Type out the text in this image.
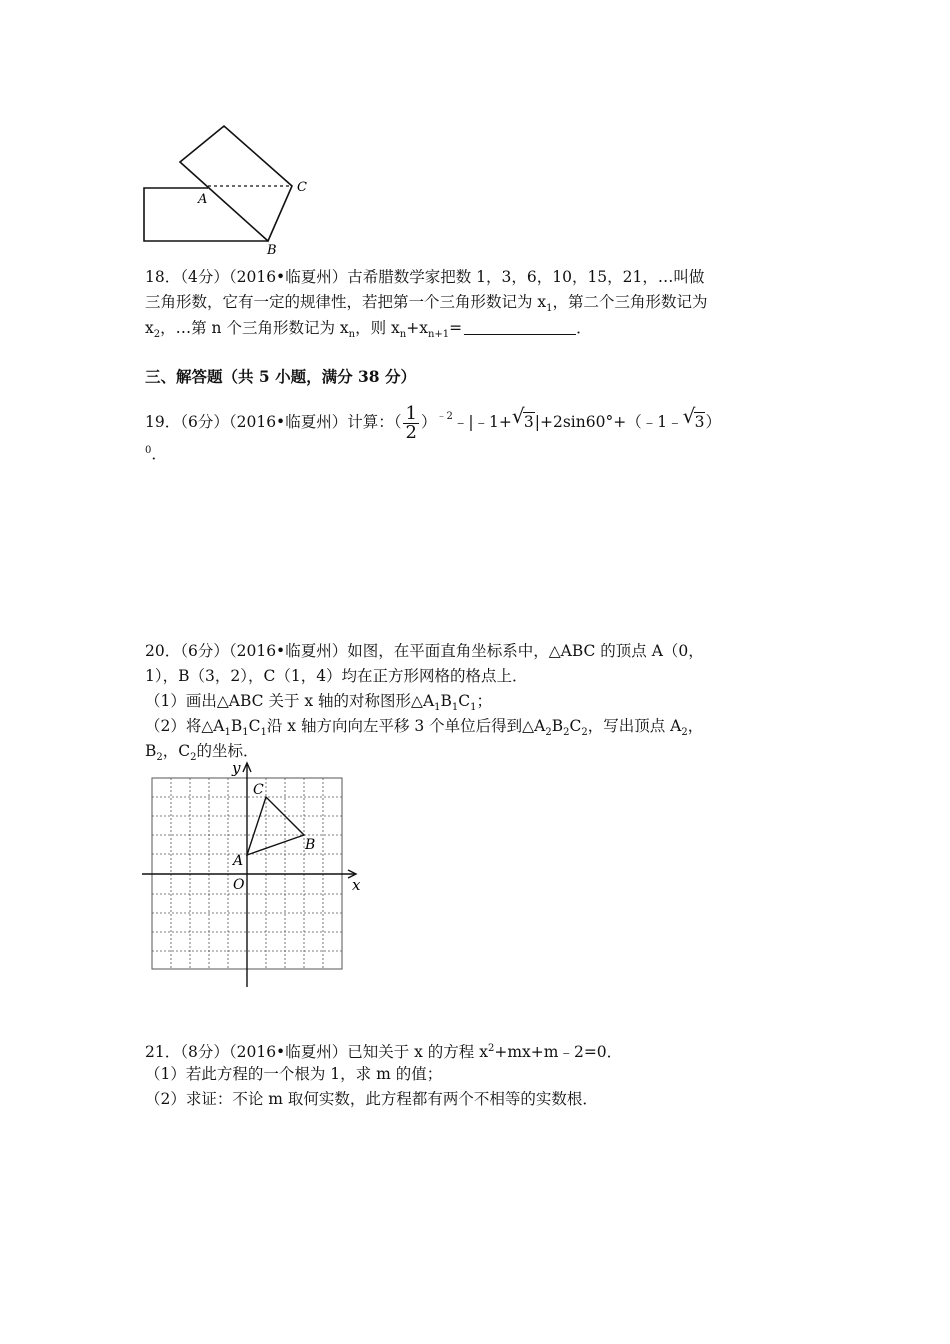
A
C
B
18．（4分）（2016•临夏州）古希腊数学家把数 1，3，6，10，15，21，…叫做
三角形数，它有一定的规律性，若把第一个三角形数记为 $x_1$，第二个三角形数记为
$x_2$，…第 n 个三角形数记为 $x_n$，则 $x_n+x_{n+1}=$	．
三、解答题（共 5 小题，满分 38 分）
19．（6分）（2016•临夏州）计算：（ $\frac{1}{2}$ ）$^{﹣2}$﹣|﹣1+ √ 3|+2sin60°+（﹣1﹣ √ 3）
$^0$．
20．（6分）（2016•临夏州）如图，在平面直角坐标系中，△ABC 的顶点 A（0，
1），B（3，2），C（1，4）均在正方形网格的格点上．
（1）画出△ABC 关于 x 轴的对称图形$\triangle A_1B_1C_1$；
（2）将$\triangle A_1B_1C_1$沿 x 轴方向向左平移 3 个单位后得到$\triangle A_2B_2C_2$，写出顶点 $A_2$，
$B_2$，$C_2$的坐标．
y
x
O
A
B
C
21．（8分）（2016•临夏州）已知关于 x 的方程 $x^2+mx+m﹣2=0$．
（1）若此方程的一个根为 1，求 m 的值；
（2）求证：不论 m 取何实数，此方程都有两个不相等的实数根．
